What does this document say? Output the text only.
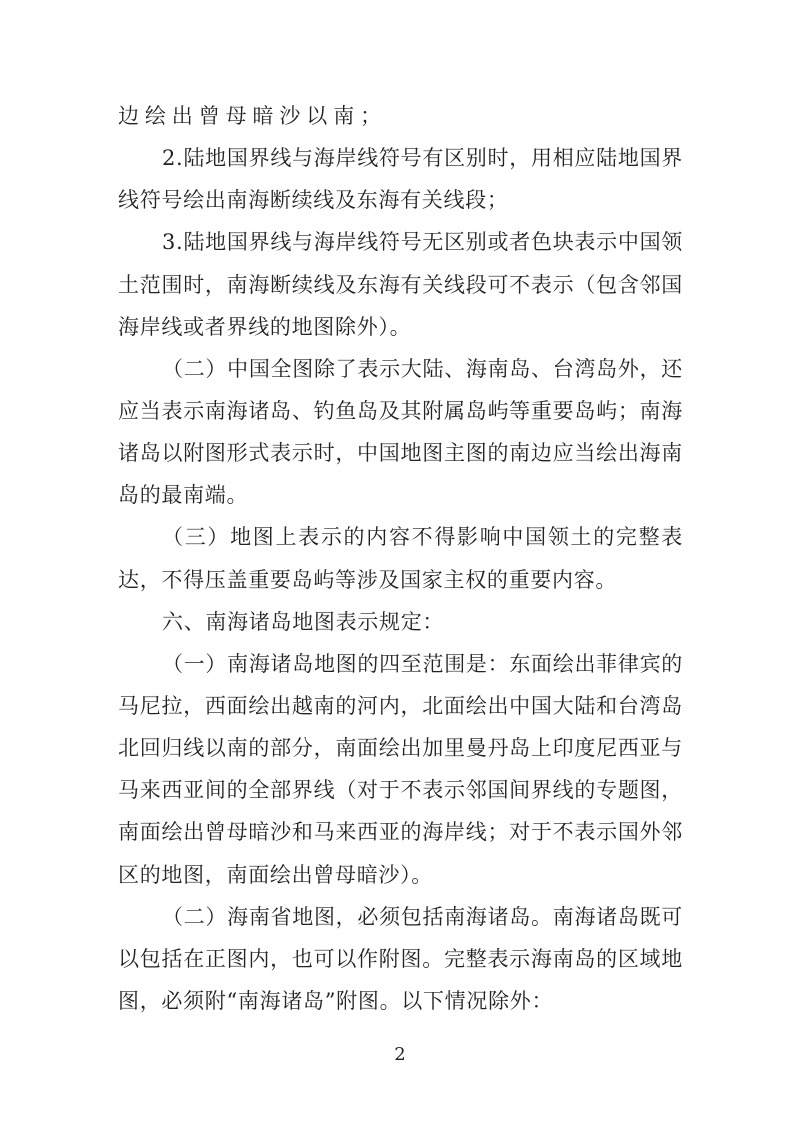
边绘出曾母暗沙以南；
2.陆地国界线与海岸线符号有区别时，用相应陆地国界
线符号绘出南海断续线及东海有关线段；
3.陆地国界线与海岸线符号无区别或者色块表示中国领
土范围时，南海断续线及东海有关线段可不表示（包含邻国
海岸线或者界线的地图除外）。
（二）中国全图除了表示大陆、海南岛、台湾岛外，还
应当表示南海诸岛、钓鱼岛及其附属岛屿等重要岛屿；南海
诸岛以附图形式表示时，中国地图主图的南边应当绘出海南
岛的最南端。
（三）地图上表示的内容不得影响中国领土的完整表
达，不得压盖重要岛屿等涉及国家主权的重要内容。
六、南海诸岛地图表示规定：
（一）南海诸岛地图的四至范围是：东面绘出菲律宾的
马尼拉，西面绘出越南的河内，北面绘出中国大陆和台湾岛
北回归线以南的部分，南面绘出加里曼丹岛上印度尼西亚与
马来西亚间的全部界线（对于不表示邻国间界线的专题图，
南面绘出曾母暗沙和马来西亚的海岸线；对于不表示国外邻
区的地图，南面绘出曾母暗沙）。
（二）海南省地图，必须包括南海诸岛。南海诸岛既可
以包括在正图内，也可以作附图。完整表示海南岛的区域地
图，必须附“南海诸岛”附图。以下情况除外：
2
